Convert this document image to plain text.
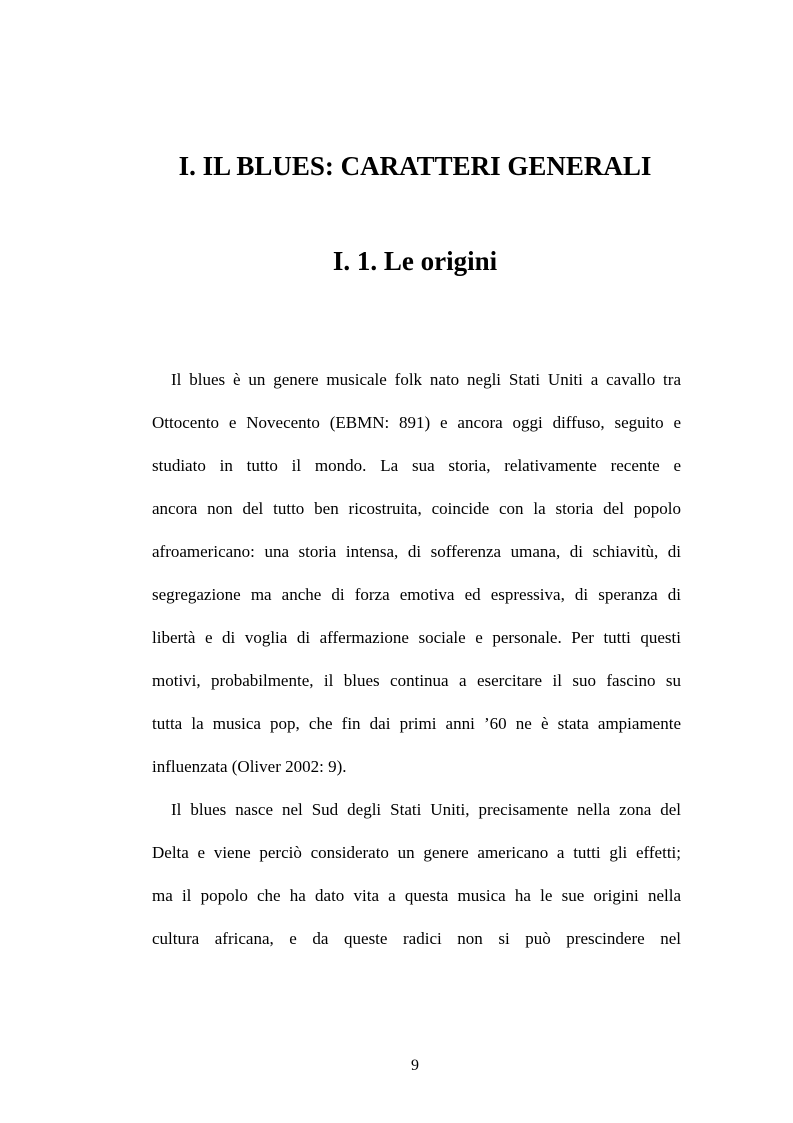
I. IL BLUES: CARATTERI GENERALI
I. 1. Le origini
Il blues è un genere musicale folk nato negli Stati Uniti a cavallo tra
Ottocento e Novecento (EBMN: 891) e ancora oggi diffuso, seguito e
studiato in tutto il mondo. La sua storia, relativamente recente e
ancora non del tutto ben ricostruita, coincide con la storia del popolo
afroamericano: una storia intensa, di sofferenza umana, di schiavitù, di
segregazione ma anche di forza emotiva ed espressiva, di speranza di
libertà e di voglia di affermazione sociale e personale. Per tutti questi
motivi, probabilmente, il blues continua a esercitare il suo fascino su
tutta la musica pop, che fin dai primi anni ’60 ne è stata ampiamente
influenzata (Oliver 2002: 9).
Il blues nasce nel Sud degli Stati Uniti, precisamente nella zona del
Delta e viene perciò considerato un genere americano a tutti gli effetti;
ma il popolo che ha dato vita a questa musica ha le sue origini nella
cultura africana, e da queste radici non si può prescindere nel
9
